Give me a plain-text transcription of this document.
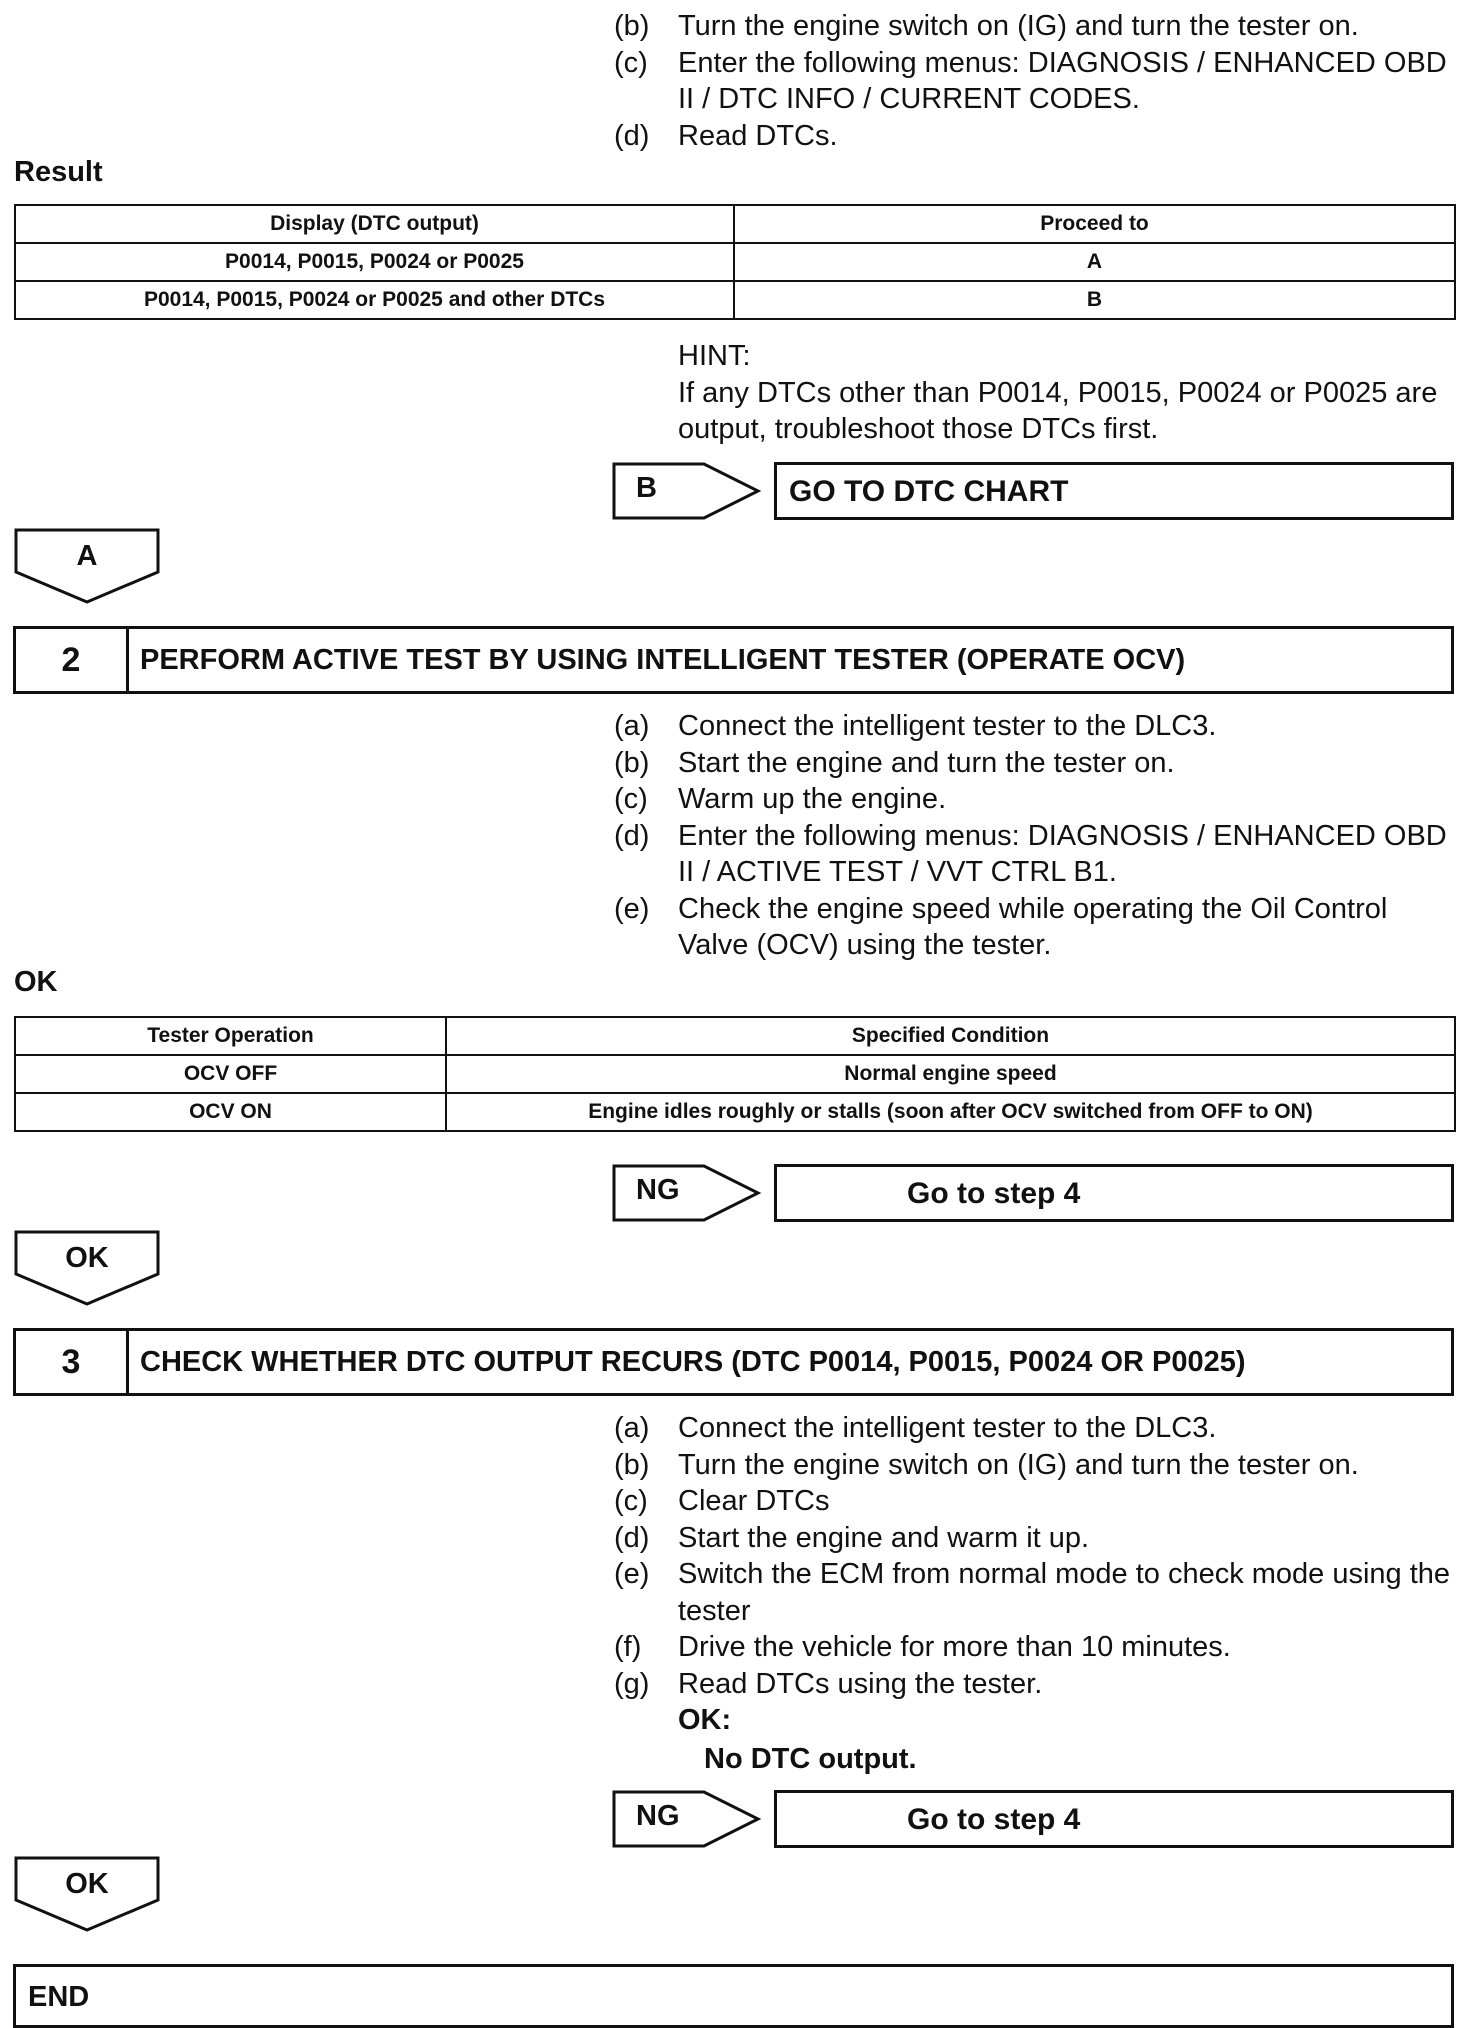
(b) Turn the engine switch on (IG) and turn the tester on.
(c) Enter the following menus: DIAGNOSIS / ENHANCED OBD II / DTC INFO / CURRENT CODES.
(d) Read DTCs.
Result
Display (DTC output)	Proceed to
P0014, P0015, P0024 or P0025	A
P0014, P0015, P0024 or P0025 and other DTCs	B
HINT:
If any DTCs other than P0014, P0015, P0024 or P0025 are output, troubleshoot those DTCs first.
B	GO TO DTC CHART
A
2	PERFORM ACTIVE TEST BY USING INTELLIGENT TESTER (OPERATE OCV)
(a) Connect the intelligent tester to the DLC3.
(b) Start the engine and turn the tester on.
(c) Warm up the engine.
(d) Enter the following menus: DIAGNOSIS / ENHANCED OBD II / ACTIVE TEST / VVT CTRL B1.
(e) Check the engine speed while operating the Oil Control Valve (OCV) using the tester.
OK
Tester Operation	Specified Condition
OCV OFF	Normal engine speed
OCV ON	Engine idles roughly or stalls (soon after OCV switched from OFF to ON)
NG	Go to step 4
OK
3	CHECK WHETHER DTC OUTPUT RECURS (DTC P0014, P0015, P0024 OR P0025)
(a) Connect the intelligent tester to the DLC3.
(b) Turn the engine switch on (IG) and turn the tester on.
(c) Clear DTCs
(d) Start the engine and warm it up.
(e) Switch the ECM from normal mode to check mode using the tester
(f) Drive the vehicle for more than 10 minutes.
(g) Read DTCs using the tester.
OK:
No DTC output.
NG	Go to step 4
OK
END
